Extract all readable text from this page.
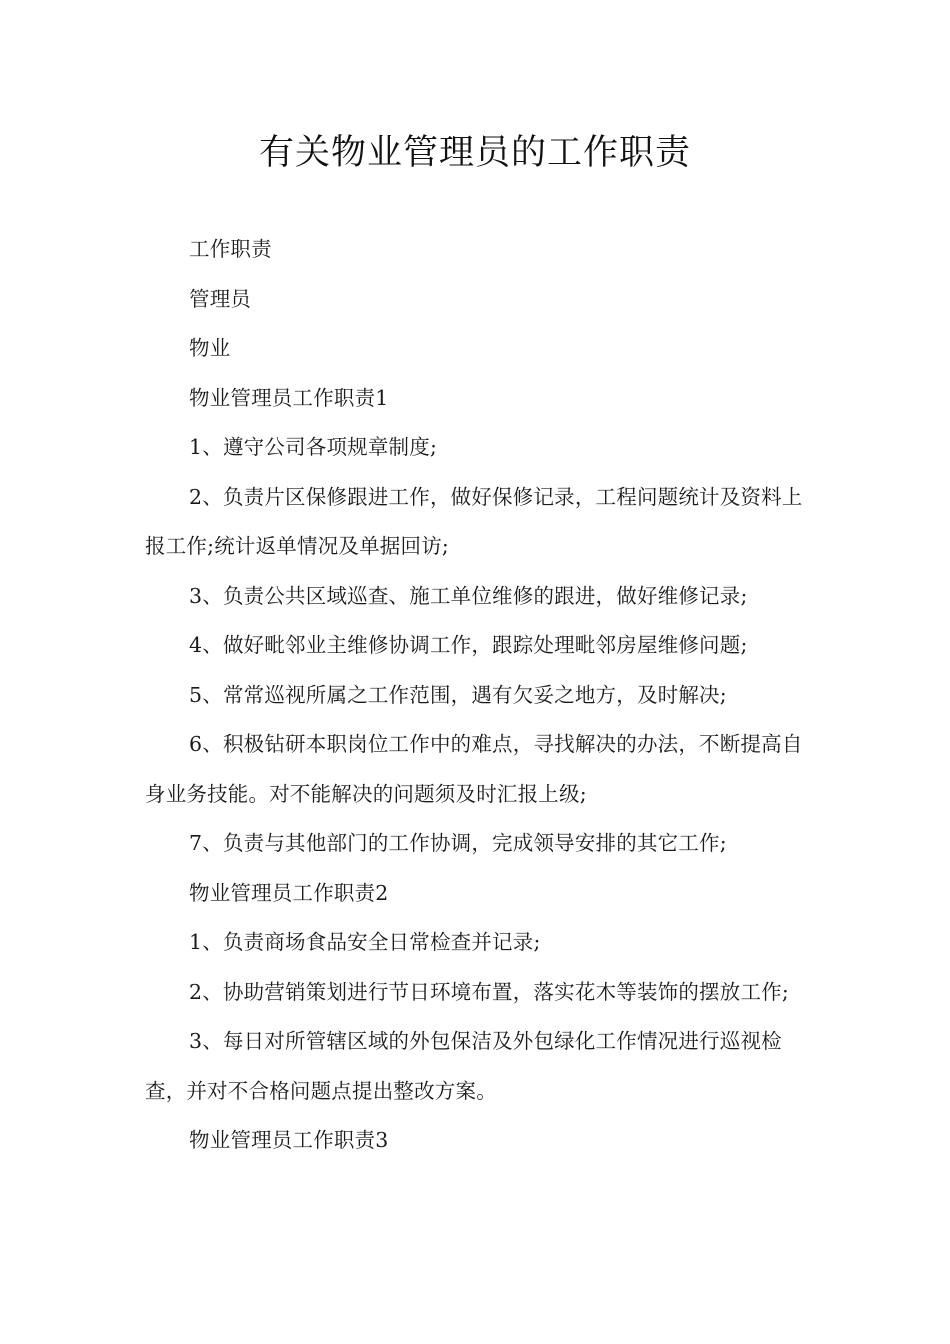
有关物业管理员的工作职责

工作职责

管理员

物业

物业管理员工作职责1

1、遵守公司各项规章制度;

2、负责片区保修跟进工作，做好保修记录，工程问题统计及资料上报工作;统计返单情况及单据回访;

3、负责公共区域巡查、施工单位维修的跟进，做好维修记录;

4、做好毗邻业主维修协调工作，跟踪处理毗邻房屋维修问题;

5、常常巡视所属之工作范围，遇有欠妥之地方，及时解决;

6、积极钻研本职岗位工作中的难点，寻找解决的办法，不断提高自身业务技能。对不能解决的问题须及时汇报上级;

7、负责与其他部门的工作协调，完成领导安排的其它工作;

物业管理员工作职责2

1、负责商场食品安全日常检查并记录;

2、协助营销策划进行节日环境布置，落实花木等装饰的摆放工作;

3、每日对所管辖区域的外包保洁及外包绿化工作情况进行巡视检查，并对不合格问题点提出整改方案。

物业管理员工作职责3
